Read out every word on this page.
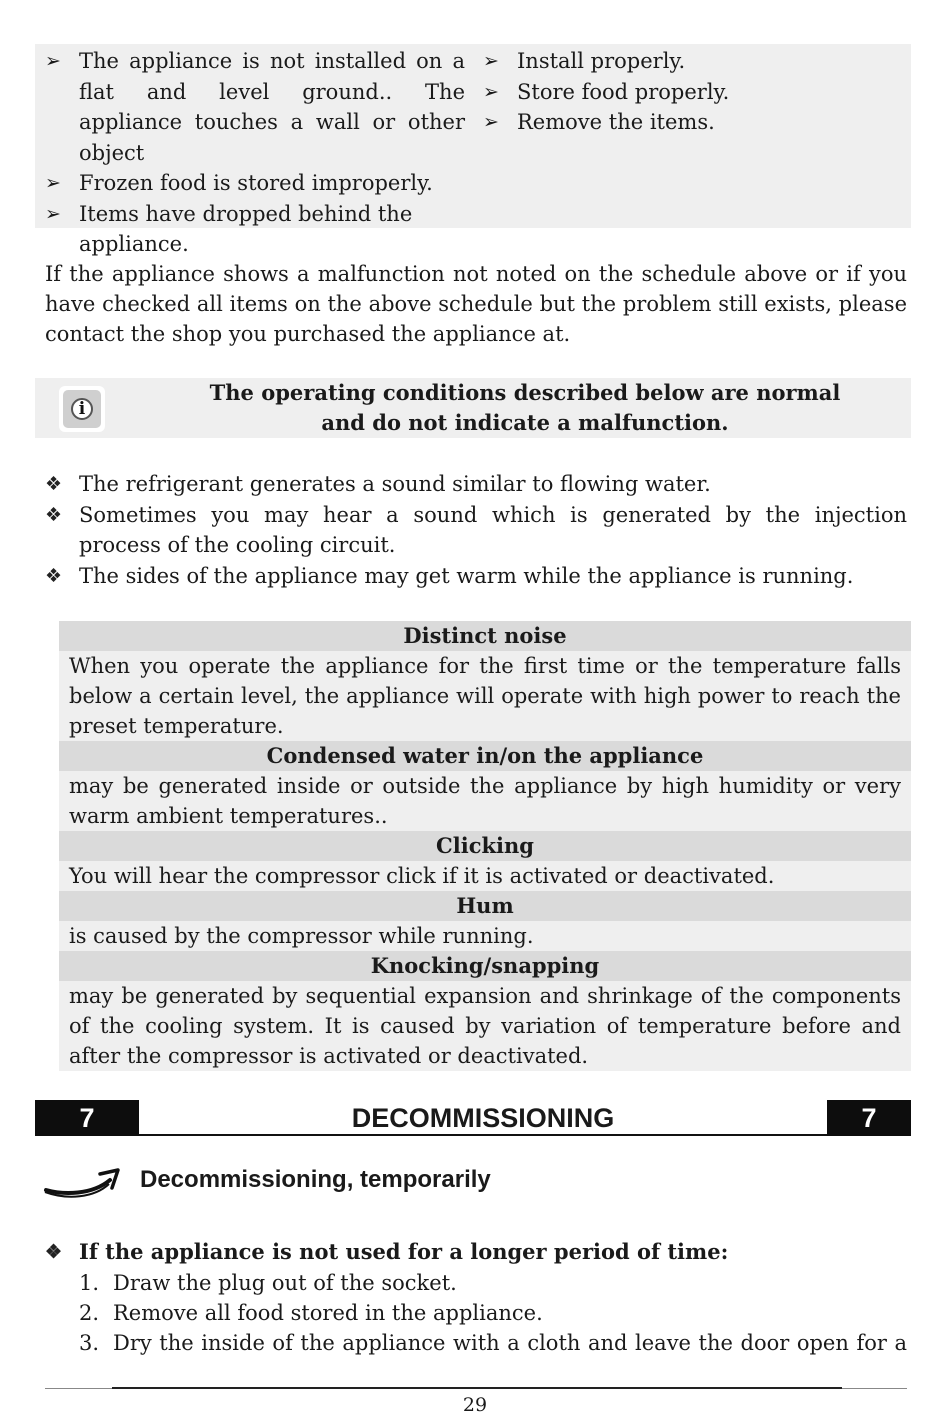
➢ The appliance is not installed on a flat and level ground.. The appliance touches a wall or other object
➢ Frozen food is stored improperly.
➢ Items have dropped behind the appliance.
➢ Install properly.
➢ Store food properly.
➢ Remove the items.
If the appliance shows a malfunction not noted on the schedule above or if you have checked all items on the above schedule but the problem still exists, please contact the shop you purchased the appliance at.
i
The operating conditions described below are normal
and do not indicate a malfunction.
❖ The refrigerant generates a sound similar to flowing water.
❖ Sometimes you may hear a sound which is generated by the injection process of the cooling circuit.
❖ The sides of the appliance may get warm while the appliance is running.
Distinct noise
When you operate the appliance for the first time or the temperature falls below a certain level, the appliance will operate with high power to reach the preset temperature.
Condensed water in/on the appliance
may be generated inside or outside the appliance by high humidity or very warm ambient temperatures..
Clicking
You will hear the compressor click if it is activated or deactivated.
Hum
is caused by the compressor while running.
Knocking/snapping
may be generated by sequential expansion and shrinkage of the components of the cooling system. It is caused by variation of temperature before and after the compressor is activated or deactivated.
7	DECOMMISSIONING	7
Decommissioning, temporarily
❖ If the appliance is not used for a longer period of time:
1. Draw the plug out of the socket.
2. Remove all food stored in the appliance.
3. Dry the inside of the appliance with a cloth and leave the door open for a
29
